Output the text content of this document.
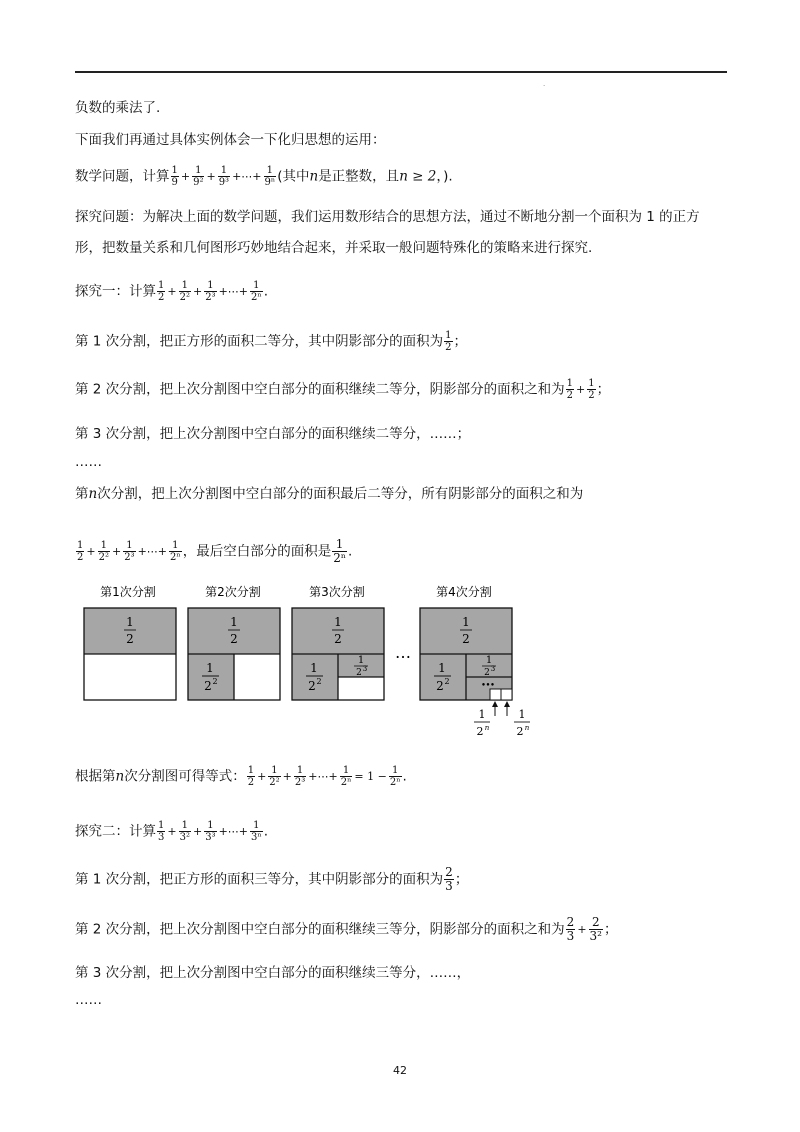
·
负数的乘法了.
下面我们再通过具体实例体会一下化归思想的运用：
数学问题，计算 $\frac{1}{9} + \frac{1}{\text{9²}} + \frac{1}{\text{9³}}$ +⋯+ $\frac{1}{\text{9ⁿ}}$ (其中n是正整数，且n ≥ 2，).
探究问题：为解决上面的数学问题，我们运用数形结合的思想方法，通过不断地分割一个面积为 1 的正方
形，把数量关系和几何图形巧妙地结合起来，并采取一般问题特殊化的策略来进行探究.
探究一：计算 $\frac{1}{2} + \frac{1}{\text{2²}} + \frac{1}{\text{2³}}$ +⋯+ $\frac{1}{\text{2ⁿ}}$ .
第 1 次分割，把正方形的面积二等分，其中阴影部分的面积为 $\frac{1}{2}$ ；
第 2 次分割，把上次分割图中空白部分的面积继续二等分，阴影部分的面积之和为 $\frac{1}{2} + \frac{1}{2}$ ；
第 3 次分割，把上次分割图中空白部分的面积继续二等分，……；
……
第n次分割，把上次分割图中空白部分的面积最后二等分，所有阴影部分的面积之和为
$\frac{1}{2} + \frac{1}{\text{2²}} + \frac{1}{\text{2³}}$ +⋯+ $\frac{1}{\text{2ⁿ}}$ ，最后空白部分的面积是 $\frac{1}{\text{2ⁿ}}$ .
第1次分割	第2次分割	第3次分割	第4次分割
1
2
1
2
1
2 2
1
2
1
2 2
1
2 3
…
1
2
1
2 2
1
2 3
•••
1
2 n
1
2 n
根据第n次分割图可得等式： $\frac{1}{2} + \frac{1}{\text{2²}} + \frac{1}{\text{2³}}$ +⋯+ $\frac{1}{\text{2ⁿ}} = 1 - \frac{1}{\text{2ⁿ}}$ .
探究二：计算 $\frac{1}{3} + \frac{1}{\text{3²}} + \frac{1}{\text{3³}}$ +⋯+ $\frac{1}{\text{3ⁿ}}$ .
第 1 次分割，把正方形的面积三等分，其中阴影部分的面积为 $\frac{2}{3}$ ；
第 2 次分割，把上次分割图中空白部分的面积继续三等分，阴影部分的面积之和为 $\frac{2}{3} + \frac{2}{\text{3²}}$ ；
第 3 次分割，把上次分割图中空白部分的面积继续三等分，……，
……
42
